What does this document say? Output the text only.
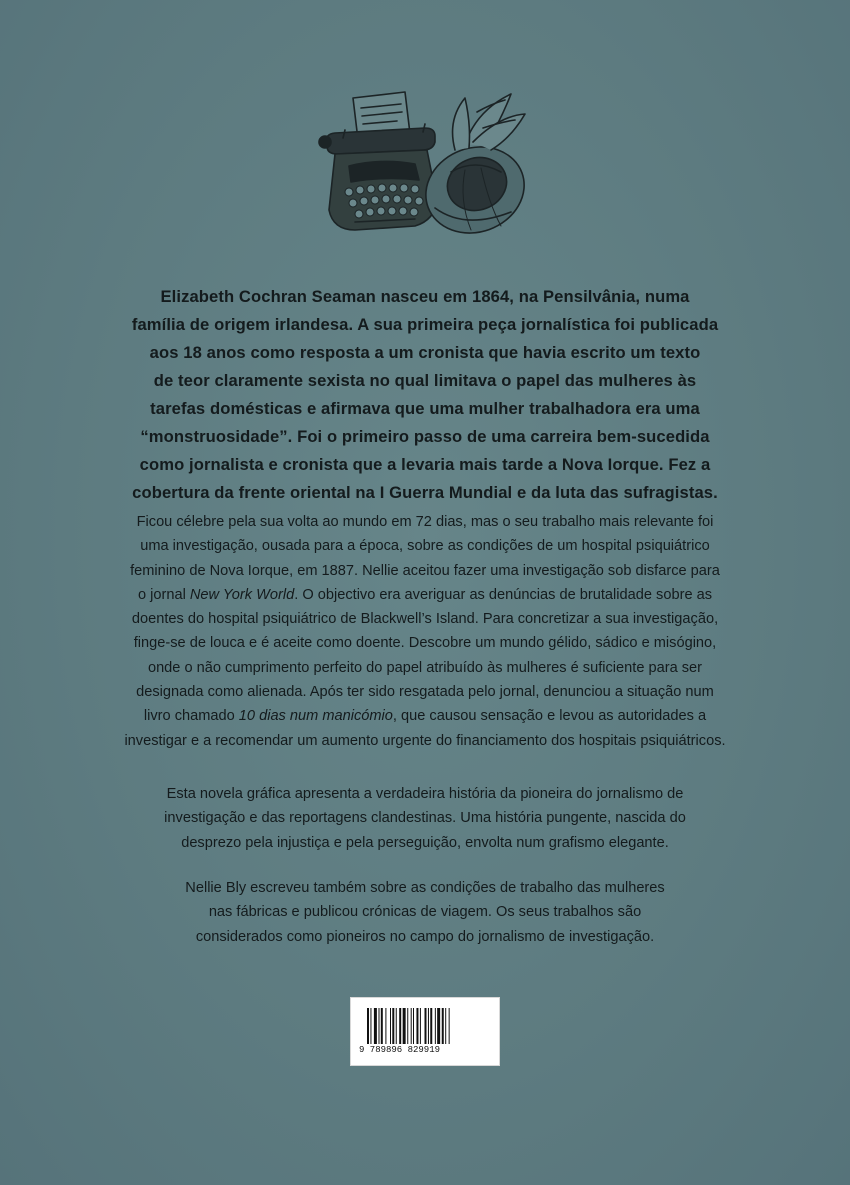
Elizabeth Cochran Seaman nasceu em 1864, na Pensilvânia, numa
família de origem irlandesa. A sua primeira peça jornalística foi publicada
aos 18 anos como resposta a um cronista que havia escrito um texto
de teor claramente sexista no qual limitava o papel das mulheres às
tarefas domésticas e afirmava que uma mulher trabalhadora era uma
“monstruosidade”. Foi o primeiro passo de uma carreira bem-sucedida
como jornalista e cronista que a levaria mais tarde a Nova Iorque. Fez a
cobertura da frente oriental na I Guerra Mundial e da luta das sufragistas.
Ficou célebre pela sua volta ao mundo em 72 dias, mas o seu trabalho mais relevante foi
uma investigação, ousada para a época, sobre as condições de um hospital psiquiátrico
feminino de Nova Iorque, em 1887. Nellie aceitou fazer uma investigação sob disfarce para
o jornal New York World. O objectivo era averiguar as denúncias de brutalidade sobre as
doentes do hospital psiquiátrico de Blackwell’s Island. Para concretizar a sua investigação,
finge-se de louca e é aceite como doente. Descobre um mundo gélido, sádico e misógino,
onde o não cumprimento perfeito do papel atribuído às mulheres é suficiente para ser
designada como alienada. Após ter sido resgatada pelo jornal, denunciou a situação num
livro chamado 10 dias num manicómio, que causou sensação e levou as autoridades a
investigar e a recomendar um aumento urgente do financiamento dos hospitais psiquiátricos.
Esta novela gráfica apresenta a verdadeira história da pioneira do jornalismo de
investigação e das reportagens clandestinas. Uma história pungente, nascida do
desprezo pela injustiça e pela perseguição, envolta num grafismo elegante.
Nellie Bly escreveu também sobre as condições de trabalho das mulheres
nas fábricas e publicou crónicas de viagem. Os seus trabalhos são
considerados como pioneiros no campo do jornalismo de investigação.
9 789896 829919
